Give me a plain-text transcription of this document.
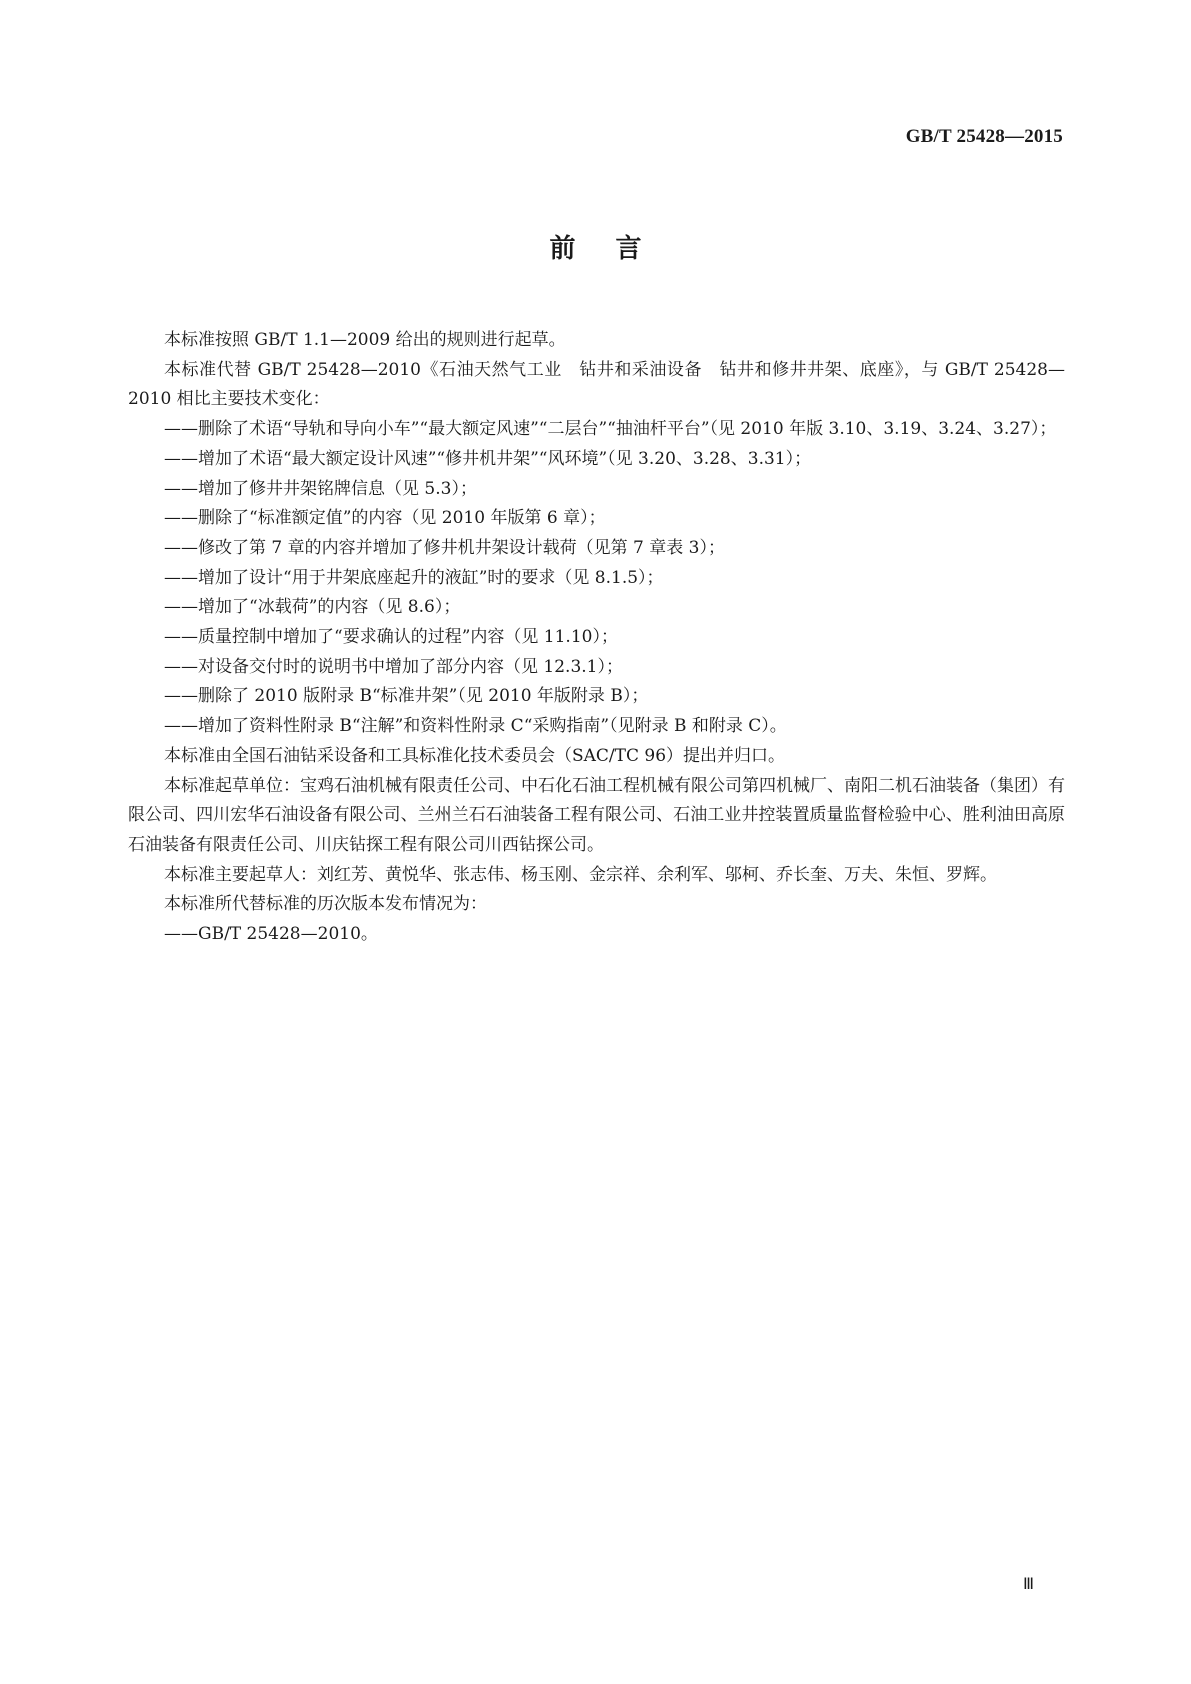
GB/T 25428—2015
前言

本标准按照 GB/T 1.1—2009 给出的规则进行起草。

本标准代替 GB/T 25428—2010《石油天然气工业　钻井和采油设备　钻井和修井井架、底座》，与 GB/T 25428—2010 相比主要技术变化：

——删除了术语“导轨和导向小车”“最大额定风速”“二层台”“抽油杆平台”（见 2010 年版 3.10、3.19、3.24、3.27）；

——增加了术语“最大额定设计风速”“修井机井架”“风环境”（见 3.20、3.28、3.31）；

——增加了修井井架铭牌信息（见 5.3）；

——删除了“标准额定值”的内容（见 2010 年版第 6 章）；

——修改了第 7 章的内容并增加了修井机井架设计载荷（见第 7 章表 3）；

——增加了设计“用于井架底座起升的液缸”时的要求（见 8.1.5）；

——增加了“冰载荷”的内容（见 8.6）；

——质量控制中增加了“要求确认的过程”内容（见 11.10）；

——对设备交付时的说明书中增加了部分内容（见 12.3.1）；

——删除了 2010 版附录 B“标准井架”（见 2010 年版附录 B）；

——增加了资料性附录 B“注解”和资料性附录 C“采购指南”（见附录 B 和附录 C）。

本标准由全国石油钻采设备和工具标准化技术委员会（SAC/TC 96）提出并归口。

本标准起草单位：宝鸡石油机械有限责任公司、中石化石油工程机械有限公司第四机械厂、南阳二机石油装备（集团）有限公司、四川宏华石油设备有限公司、兰州兰石石油装备工程有限公司、石油工业井控装置质量监督检验中心、胜利油田高原石油装备有限责任公司、川庆钻探工程有限公司川西钻探公司。

本标准主要起草人：刘红芳、黄悦华、张志伟、杨玉刚、金宗祥、余利军、邬柯、乔长奎、万夫、朱恒、罗辉。

本标准所代替标准的历次版本发布情况为：

——GB/T 25428—2010。

Ⅲ
